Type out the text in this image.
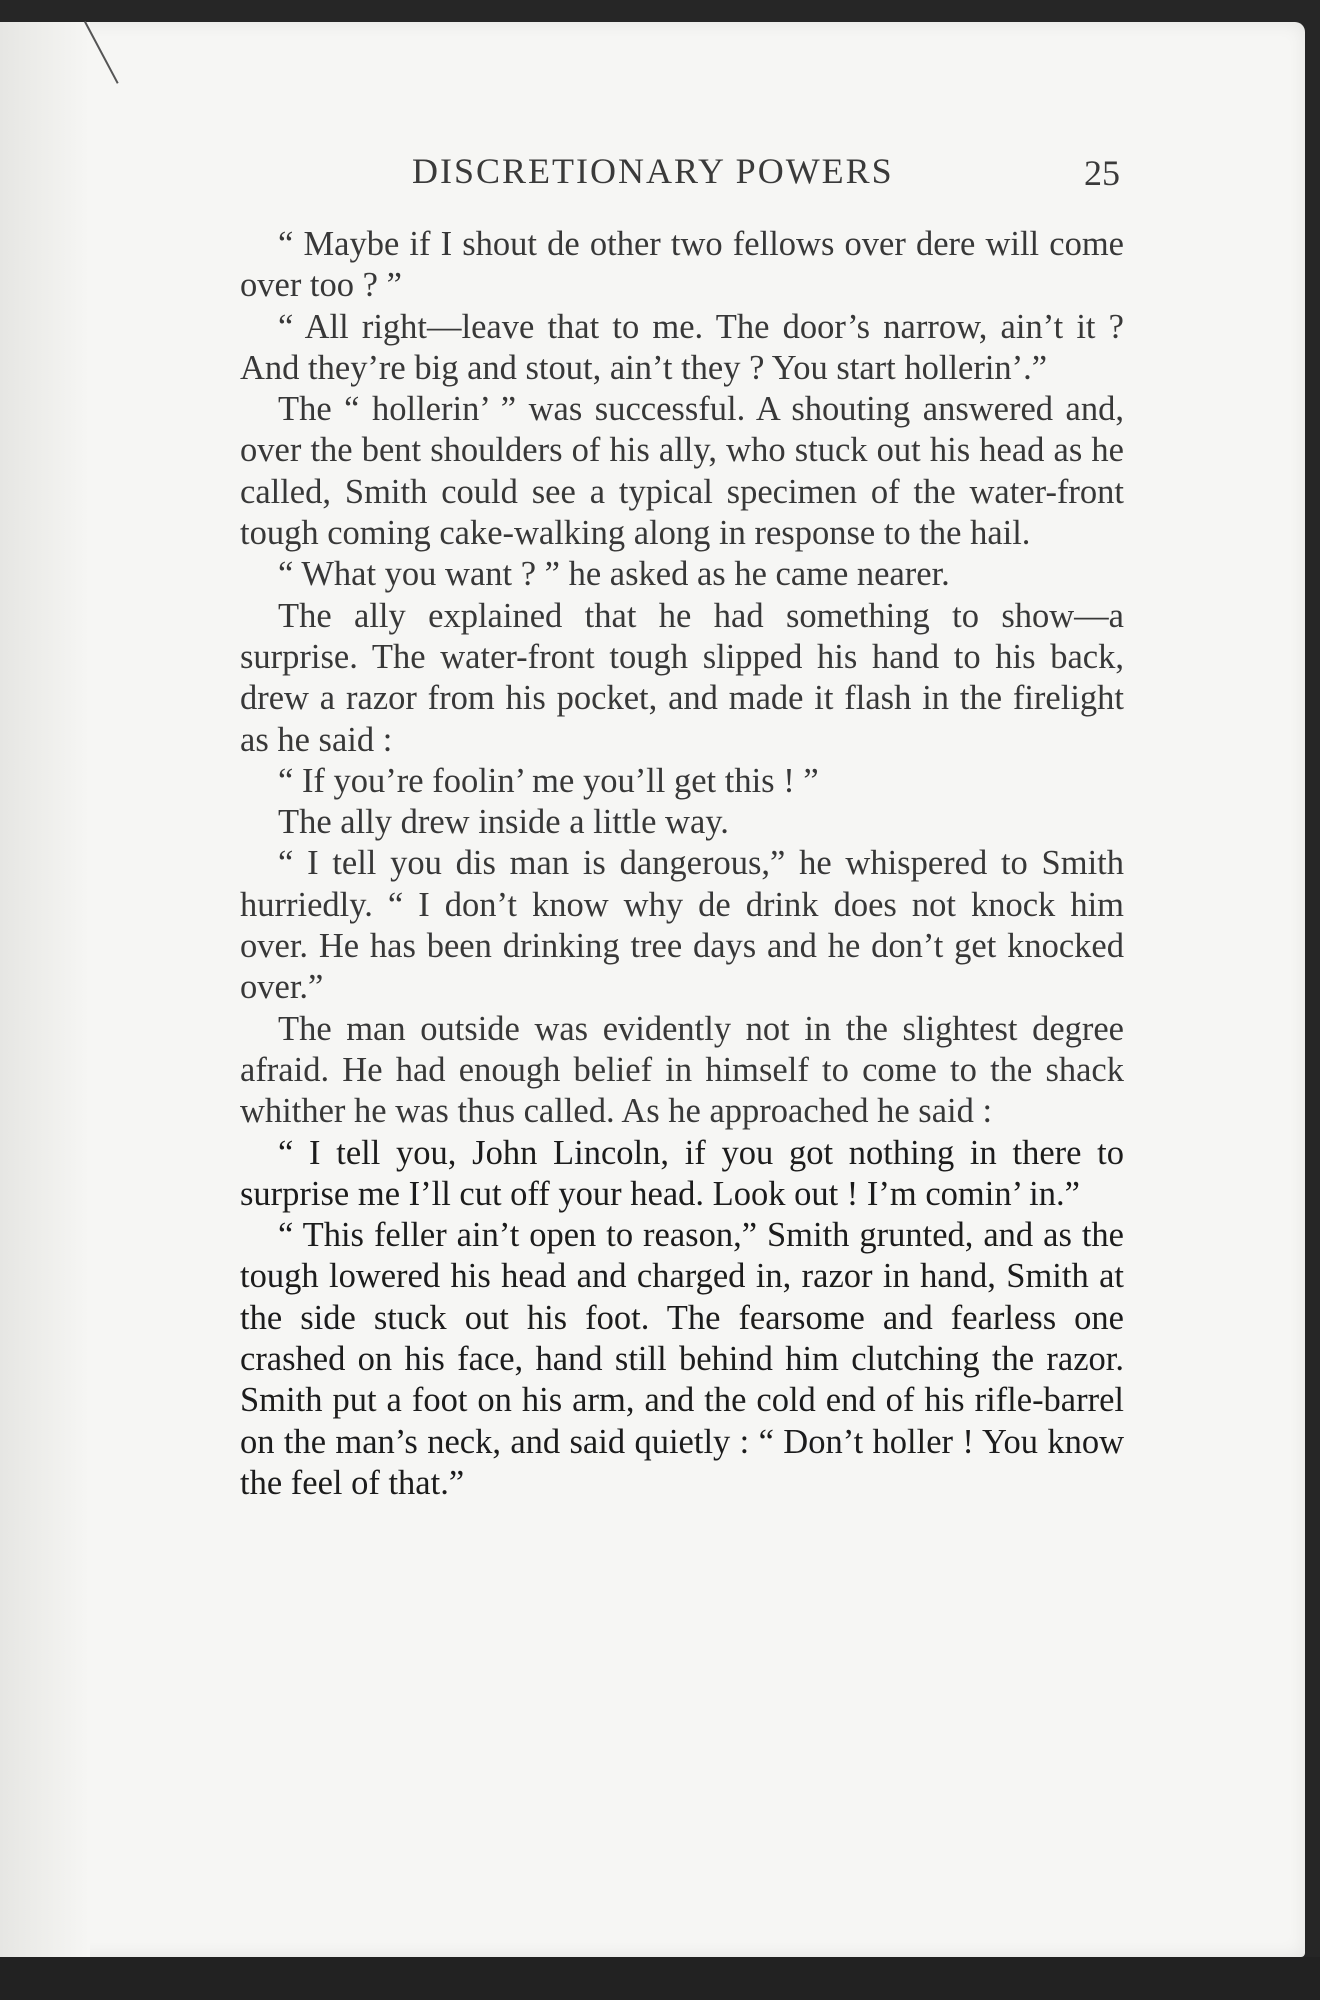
DISCRETIONARY POWERS	25

“ Maybe if I shout de other two fellows over dere will come over too ? ”

“ All right—leave that to me. The door’s narrow, ain’t it ? And they’re big and stout, ain’t they ? You start hollerin’.”

The “ hollerin’ ” was successful. A shouting answered and, over the bent shoulders of his ally, who stuck out his head as he called, Smith could see a typical specimen of the water-front tough coming cake-walking along in response to the hail.

“ What you want ? ” he asked as he came nearer.

The ally explained that he had something to show—a surprise. The water-front tough slipped his hand to his back, drew a razor from his pocket, and made it flash in the firelight as he said :

“ If you’re foolin’ me you’ll get this ! ”

The ally drew inside a little way.

“ I tell you dis man is dangerous,” he whispered to Smith hurriedly. “ I don’t know why de drink does not knock him over. He has been drinking tree days and he don’t get knocked over.”

The man outside was evidently not in the slightest degree afraid. He had enough belief in himself to come to the shack whither he was thus called. As he approached he said :

“ I tell you, John Lincoln, if you got nothing in there to surprise me I’ll cut off your head. Look out ! I’m comin’ in.”

“ This feller ain’t open to reason,” Smith grunted, and as the tough lowered his head and charged in, razor in hand, Smith at the side stuck out his foot. The fearsome and fearless one crashed on his face, hand still behind him clutching the razor. Smith put a foot on his arm, and the cold end of his rifle-barrel on the man’s neck, and said quietly : “ Don’t holler ! You know the feel of that.”
